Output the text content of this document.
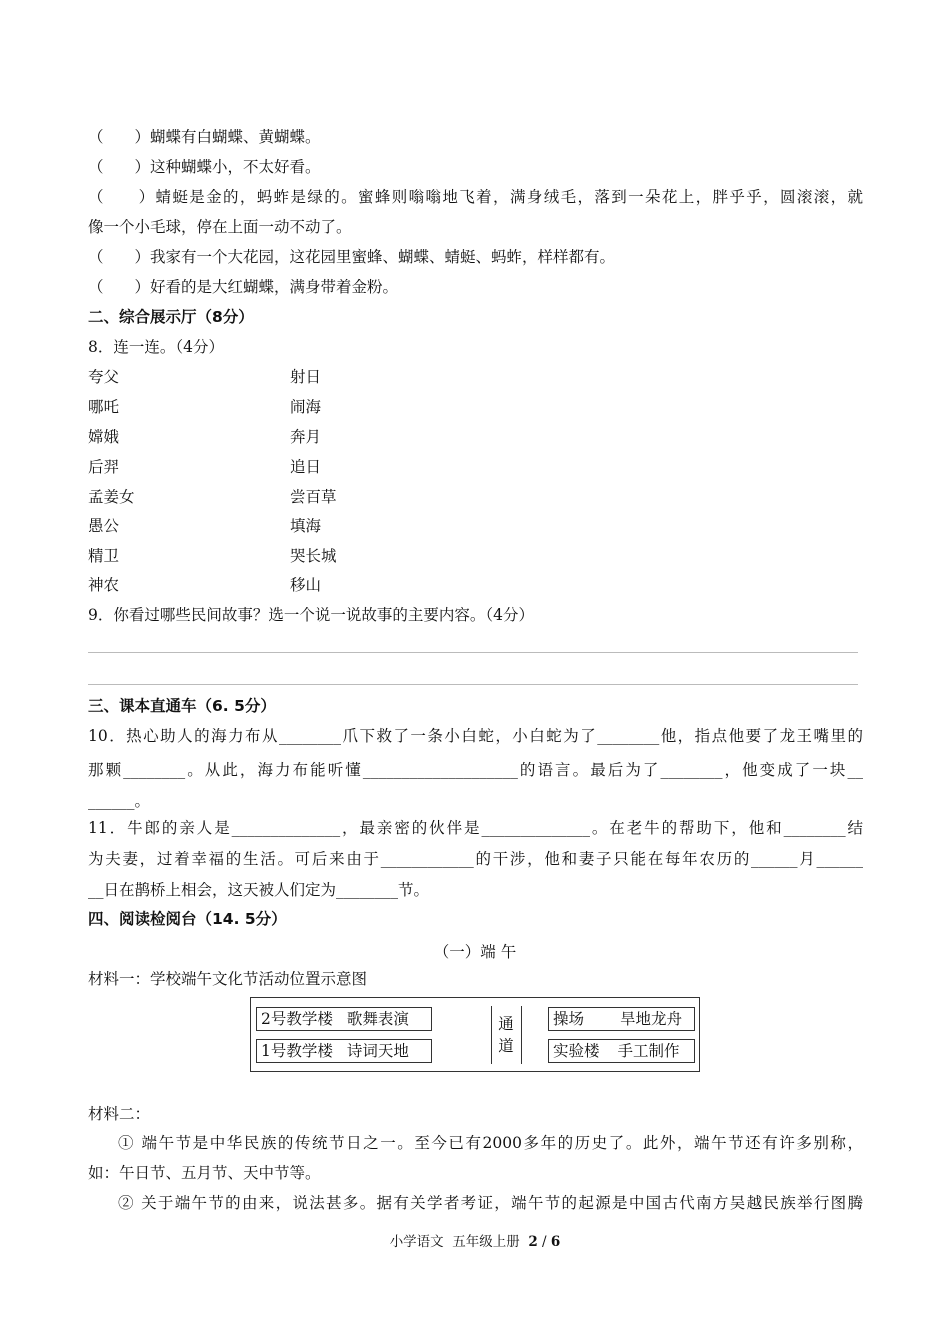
（　　）蝴蝶有白蝴蝶、黄蝴蝶。
（　　）这种蝴蝶小，不太好看。
（　　）蜻蜓是金的，蚂蚱是绿的。蜜蜂则嗡嗡地飞着，满身绒毛，落到一朵花上，胖乎乎，圆滚滚，就
像一个小毛球，停在上面一动不动了。
（　　）我家有一个大花园，这花园里蜜蜂、蝴蝶、蜻蜓、蚂蚱，样样都有。
（　　）好看的是大红蝴蝶，满身带着金粉。
二、综合展示厅（8分）
8．连一连。（4分）
夸父	射日
哪吒	闹海
嫦娥	奔月
后羿	追日
孟姜女	尝百草
愚公	填海
精卫	哭长城
神农	移山
9．你看过哪些民间故事？选一个说一说故事的主要内容。（4分）
三、课本直通车（6. 5分）
10．热心助人的海力布从________爪下救了一条小白蛇，小白蛇为了________他，指点他要了龙王嘴里的
那颗________。从此，海力布能听懂____________________的语言。最后为了________，他变成了一块__
______。
11．牛郎的亲人是______________，最亲密的伙伴是______________。在老牛的帮助下，他和________结
为夫妻，过着幸福的生活。可后来由于____________的干涉，他和妻子只能在每年农历的______月______
__日在鹊桥上相会，这天被人们定为________节。
四、阅读检阅台（14. 5分）
（一）端 午
材料一：学校端午文化节活动位置示意图
2号教学楼 歌舞表演
1号教学楼 诗词天地
通
道
操场 旱地龙舟
实验楼 手工制作
材料二：
① 端午节是中华民族的传统节日之一。至今已有2000多年的历史了。此外，端午节还有许多别称，
如：午日节、五月节、天中节等。
② 关于端午节的由来，说法甚多。据有关学者考证，端午节的起源是中国古代南方吴越民族举行图腾
小学语文  五年级上册  2 / 6
